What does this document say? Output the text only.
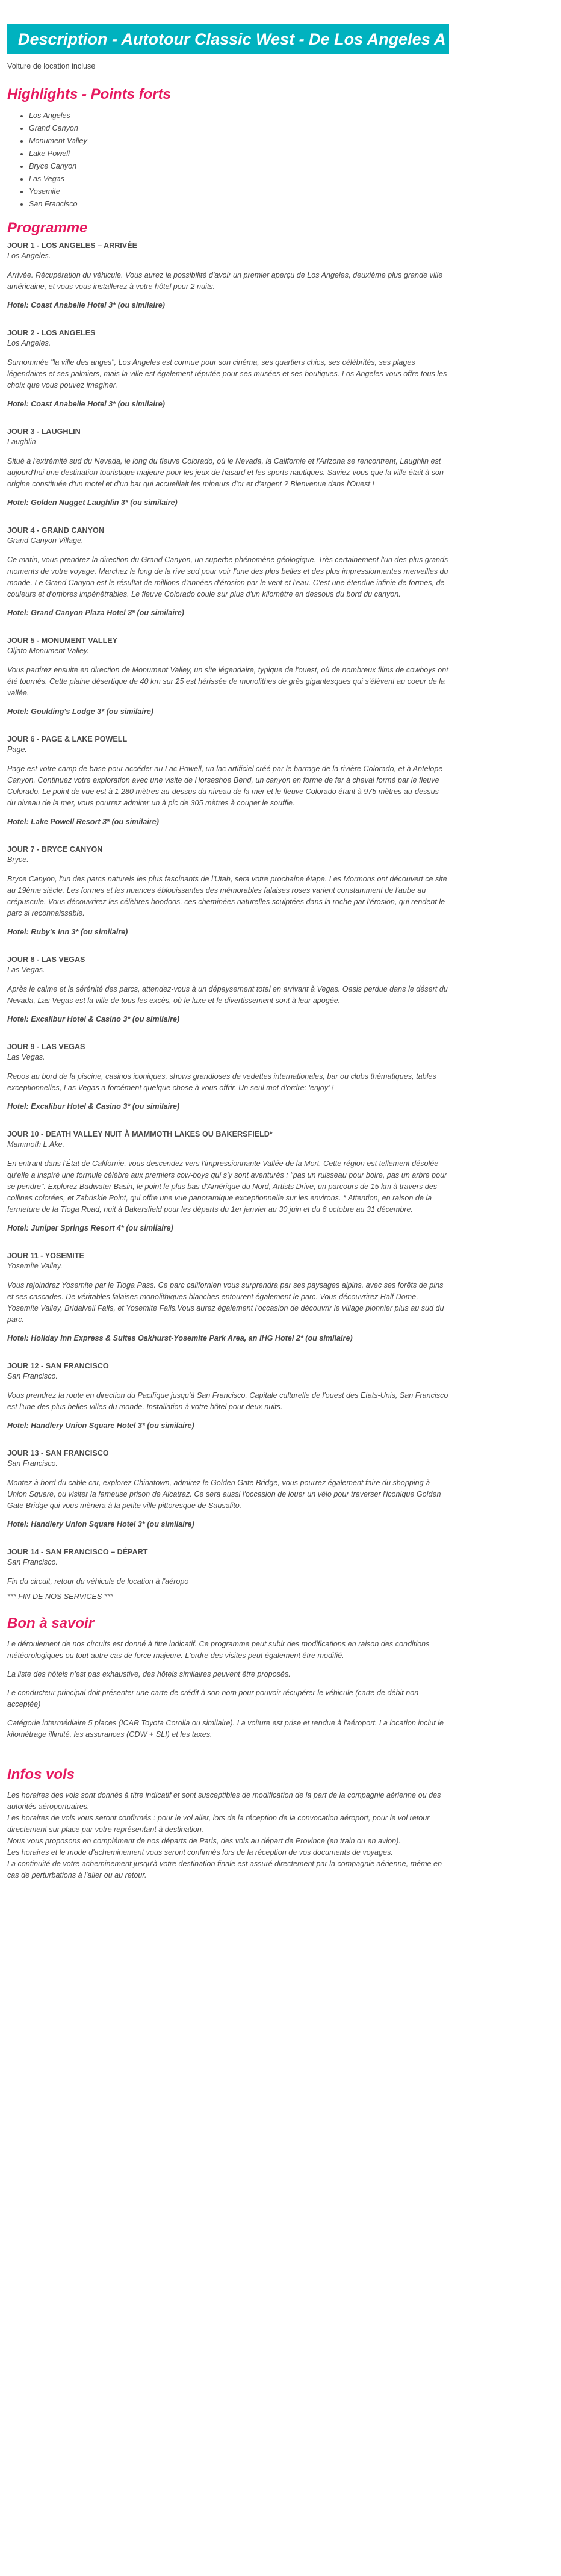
Description - Autotour Classic West - De Los Angeles A San Francisco

Voiture de location incluse

Highlights - Points forts
• Los Angeles
• Grand Canyon
• Monument Valley
• Lake Powell
• Bryce Canyon
• Las Vegas
• Yosemite
• San Francisco
Programme

JOUR 1 - LOS ANGELES – ARRIVÉE

Los Angeles.

Arrivée. Récupération du véhicule. Vous aurez la possibilité d'avoir un premier aperçu de Los Angeles, deuxième plus grande ville américaine, et vous vous installerez à votre hôtel pour 2 nuits.

Hotel: Coast Anabelle Hotel 3* (ou similaire)

JOUR 2 - LOS ANGELES

Los Angeles.

Surnommée "la ville des anges", Los Angeles est connue pour son cinéma, ses quartiers chics, ses célébrités, ses plages légendaires et ses palmiers, mais la ville est également réputée pour ses musées et ses boutiques. Los Angeles vous offre tous les choix que vous pouvez imaginer.

Hotel: Coast Anabelle Hotel 3* (ou similaire)

JOUR 3 - LAUGHLIN

Laughlin

Situé à l'extrémité sud du Nevada, le long du fleuve Colorado, où le Nevada, la Californie et l'Arizona se rencontrent, Laughlin est aujourd'hui une destination touristique majeure pour les jeux de hasard et les sports nautiques. Saviez-vous que la ville était à son origine constituée d'un motel et d'un bar qui accueillait les mineurs d'or et d'argent ? Bienvenue dans l'Ouest !

Hotel: Golden Nugget Laughlin 3* (ou similaire)

JOUR 4 - GRAND CANYON

Grand Canyon Village.

Ce matin, vous prendrez la direction du Grand Canyon, un superbe phénomène géologique. Très certainement l'un des plus grands moments de votre voyage. Marchez le long de la rive sud pour voir l'une des plus belles et des plus impressionnantes merveilles du monde. Le Grand Canyon est le résultat de millions d'années d'érosion par le vent et l'eau. C'est une étendue infinie de formes, de couleurs et d'ombres impénétrables. Le fleuve Colorado coule sur plus d'un kilomètre en dessous du bord du canyon.

Hotel: Grand Canyon Plaza Hotel 3* (ou similaire)

JOUR 5 - MONUMENT VALLEY

Oljato Monument Valley.

Vous partirez ensuite en direction de Monument Valley, un site légendaire, typique de l'ouest, où de nombreux films de cowboys ont été tournés. Cette plaine désertique de 40 km sur 25 est hérissée de monolithes de grès gigantesques qui s'élèvent au coeur de la vallée.

Hotel: Goulding's Lodge 3* (ou similaire)

JOUR 6 - PAGE & LAKE POWELL

Page.

Page est votre camp de base pour accéder au Lac Powell, un lac artificiel créé par le barrage de la rivière Colorado, et à Antelope Canyon. Continuez votre exploration avec une visite de Horseshoe Bend, un canyon en forme de fer à cheval formé par le fleuve Colorado. Le point de vue est à 1 280 mètres au-dessus du niveau de la mer et le fleuve Colorado étant à 975 mètres au-dessus du niveau de la mer, vous pourrez admirer un à pic de 305 mètres à couper le souffle.

Hotel: Lake Powell Resort 3* (ou similaire)

JOUR 7 - BRYCE CANYON

Bryce.

Bryce Canyon, l'un des parcs naturels les plus fascinants de l'Utah, sera votre prochaine étape. Les Mormons ont découvert ce site au 19ème siècle. Les formes et les nuances éblouissantes des mémorables falaises roses varient constamment de l'aube au crépuscule. Vous découvrirez les célèbres hoodoos, ces cheminées naturelles sculptées dans la roche par l'érosion, qui rendent le parc si reconnaissable.

Hotel: Ruby's Inn 3* (ou similaire)

JOUR 8 - LAS VEGAS

Las Vegas.

Après le calme et la sérénité des parcs, attendez-vous à un dépaysement total en arrivant à Vegas. Oasis perdue dans le désert du Nevada, Las Vegas est la ville de tous les excès, où le luxe et le divertissement sont à leur apogée.

Hotel: Excalibur Hotel & Casino 3* (ou similaire)

JOUR 9 - LAS VEGAS

Las Vegas.

Repos au bord de la piscine, casinos iconiques, shows grandioses de vedettes internationales, bar ou clubs thématiques, tables exceptionnelles, Las Vegas a forcément quelque chose à vous offrir. Un seul mot d'ordre: 'enjoy' !

Hotel: Excalibur Hotel & Casino 3* (ou similaire)

JOUR 10 - DEATH VALLEY NUIT À MAMMOTH LAKES OU BAKERSFIELD*

Mammoth L.Ake.

En entrant dans l'État de Californie, vous descendez vers l'impressionnante Vallée de la Mort. Cette région est tellement désolée qu'elle a inspiré une formule célèbre aux premiers cow-boys qui s'y sont aventurés : "pas un ruisseau pour boire, pas un arbre pour se pendre". Explorez Badwater Basin, le point le plus bas d'Amérique du Nord, Artists Drive, un parcours de 15 km à travers des collines colorées, et Zabriskie Point, qui offre une vue panoramique exceptionnelle sur les environs. * Attention, en raison de la fermeture de la Tioga Road, nuit à Bakersfield pour les départs du 1er janvier au 30 juin et du 6 octobre au 31 décembre.

Hotel: Juniper Springs Resort 4* (ou similaire)

JOUR 11 - YOSEMITE

Yosemite Valley.

Vous rejoindrez Yosemite par le Tioga Pass. Ce parc californien vous surprendra par ses paysages alpins, avec ses forêts de pins et ses cascades. De véritables falaises monolithiques blanches entourent également le parc. Vous découvrirez Half Dome, Yosemite Valley, Bridalveil Falls, et Yosemite Falls.Vous aurez également l'occasion de découvrir le village pionnier plus au sud du parc.

Hotel: Holiday Inn Express & Suites Oakhurst-Yosemite Park Area, an IHG Hotel 2* (ou similaire)

JOUR 12 - SAN FRANCISCO

San Francisco.

Vous prendrez la route en direction du Pacifique jusqu'à San Francisco. Capitale culturelle de l'ouest des Etats-Unis, San Francisco est l'une des plus belles villes du monde. Installation à votre hôtel pour deux nuits.

Hotel: Handlery Union Square Hotel 3* (ou similaire)

JOUR 13 - SAN FRANCISCO

San Francisco.

Montez à bord du cable car, explorez Chinatown, admirez le Golden Gate Bridge, vous pourrez également faire du shopping à Union Square, ou visiter la fameuse prison de Alcatraz. Ce sera aussi l'occasion de louer un vélo pour traverser l'iconique Golden Gate Bridge qui vous mènera à la petite ville pittoresque de Sausalito.

Hotel: Handlery Union Square Hotel 3* (ou similaire)

JOUR 14 - SAN FRANCISCO – DÉPART

San Francisco.

Fin du circuit, retour du véhicule de location à l'aéropo

*** FIN DE NOS SERVICES ***

Bon à savoir

Le déroulement de nos circuits est donné à titre indicatif. Ce programme peut subir des modifications en raison des conditions météorologiques ou tout autre cas de force majeure. L'ordre des visites peut également être modifié.

La liste des hôtels n'est pas exhaustive, des hôtels similaires peuvent être proposés.

Le conducteur principal doit présenter une carte de crédit à son nom pour pouvoir récupérer le véhicule (carte de débit non acceptée)

Catégorie intermédiaire 5 places (ICAR Toyota Corolla ou similaire). La voiture est prise et rendue à l'aéroport. La location inclut le kilométrage illimité, les assurances (CDW + SLI) et les taxes.

Infos vols

Les horaires des vols sont donnés à titre indicatif et sont susceptibles de modification de la part de la compagnie aérienne ou des autorités aéroportuaires.

Les horaires de vols vous seront confirmés : pour le vol aller, lors de la réception de la convocation aéroport, pour le vol retour directement sur place par votre représentant à destination.

Nous vous proposons en complément de nos départs de Paris, des vols au départ de Province (en train ou en avion).

Les horaires et le mode d'acheminement vous seront confirmés lors de la réception de vos documents de voyages.

La continuité de votre acheminement jusqu'à votre destination finale est assuré directement par la compagnie aérienne, même en cas de perturbations à l'aller ou au retour.
